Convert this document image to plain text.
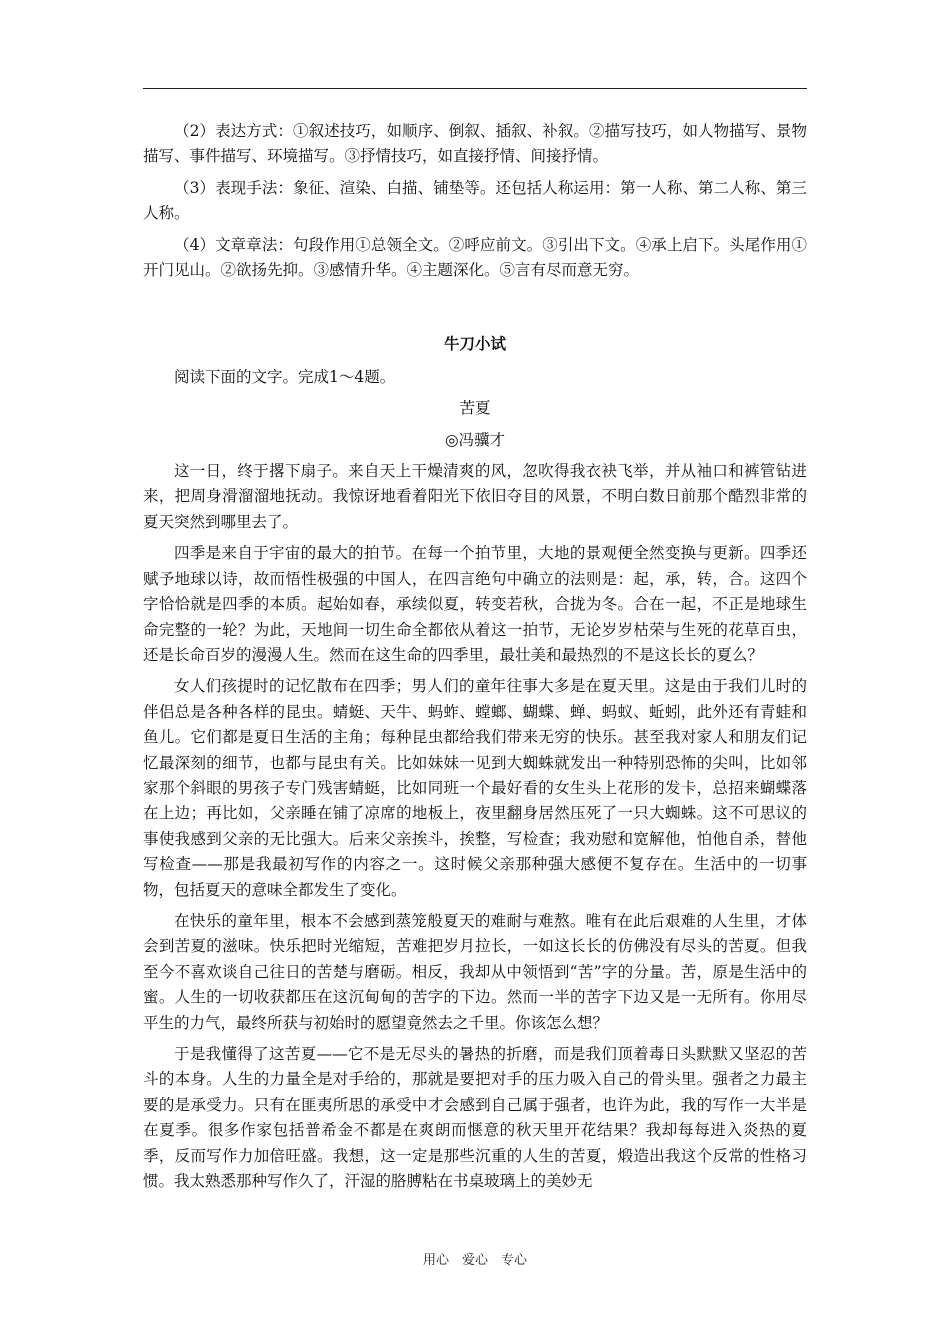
（2）表达方式：①叙述技巧，如顺序、倒叙、插叙、补叙。②描写技巧，如人物描写、景物描写、事件描写、环境描写。③抒情技巧，如直接抒情、间接抒情。

（3）表现手法：象征、渲染、白描、铺垫等。还包括人称运用：第一人称、第二人称、第三人称。

（4）文章章法：句段作用①总领全文。②呼应前文。③引出下文。④承上启下。头尾作用①开门见山。②欲扬先抑。③感情升华。④主题深化。⑤言有尽而意无穷。

牛刀小试

阅读下面的文字。完成1～4题。

苦夏

◎冯骥才

这一日，终于撂下扇子。来自天上干燥清爽的风，忽吹得我衣袂飞举，并从袖口和裤管钻进来，把周身滑溜溜地抚动。我惊讶地看着阳光下依旧夺目的风景，不明白数日前那个酷烈非常的夏天突然到哪里去了。

四季是来自于宇宙的最大的拍节。在每一个拍节里，大地的景观便全然变换与更新。四季还赋予地球以诗，故而悟性极强的中国人，在四言绝句中确立的法则是：起，承，转，合。这四个字恰恰就是四季的本质。起始如春，承续似夏，转变若秋，合拢为冬。合在一起，不正是地球生命完整的一轮？为此，天地间一切生命全都依从着这一拍节，无论岁岁枯荣与生死的花草百虫，还是长命百岁的漫漫人生。然而在这生命的四季里，最壮美和最热烈的不是这长长的夏么？

女人们孩提时的记忆散布在四季；男人们的童年往事大多是在夏天里。这是由于我们儿时的伴侣总是各种各样的昆虫。蜻蜓、天牛、蚂蚱、螳螂、蝴蝶、蝉、蚂蚁、蚯蚓，此外还有青蛙和鱼儿。它们都是夏日生活的主角；每种昆虫都给我们带来无穷的快乐。甚至我对家人和朋友们记忆最深刻的细节，也都与昆虫有关。比如妹妹一见到大蜘蛛就发出一种特别恐怖的尖叫，比如邻家那个斜眼的男孩子专门残害蜻蜓，比如同班一个最好看的女生头上花形的发卡，总招来蝴蝶落在上边；再比如，父亲睡在铺了凉席的地板上，夜里翻身居然压死了一只大蜘蛛。这不可思议的事使我感到父亲的无比强大。后来父亲挨斗，挨整，写检查；我劝慰和宽解他，怕他自杀，替他写检查——那是我最初写作的内容之一。这时候父亲那种强大感便不复存在。生活中的一切事物，包括夏天的意味全都发生了变化。

在快乐的童年里，根本不会感到蒸笼般夏天的难耐与难熬。唯有在此后艰难的人生里，才体会到苦夏的滋味。快乐把时光缩短，苦难把岁月拉长，一如这长长的仿佛没有尽头的苦夏。但我至今不喜欢谈自己往日的苦楚与磨砺。相反，我却从中领悟到“苦”字的分量。苦，原是生活中的蜜。人生的一切收获都压在这沉甸甸的苦字的下边。然而一半的苦字下边又是一无所有。你用尽平生的力气，最终所获与初始时的愿望竟然去之千里。你该怎么想？

于是我懂得了这苦夏——它不是无尽头的暑热的折磨，而是我们顶着毒日头默默又坚忍的苦斗的本身。人生的力量全是对手给的，那就是要把对手的压力吸入自己的骨头里。强者之力最主要的是承受力。只有在匪夷所思的承受中才会感到自己属于强者，也许为此，我的写作一大半是在夏季。很多作家包括普希金不都是在爽朗而惬意的秋天里开花结果？我却每每进入炎热的夏季，反而写作力加倍旺盛。我想，这一定是那些沉重的人生的苦夏，煅造出我这个反常的性格习惯。我太熟悉那种写作久了，汗湿的胳膊粘在书桌玻璃上的美妙无

用心　爱心　专心
